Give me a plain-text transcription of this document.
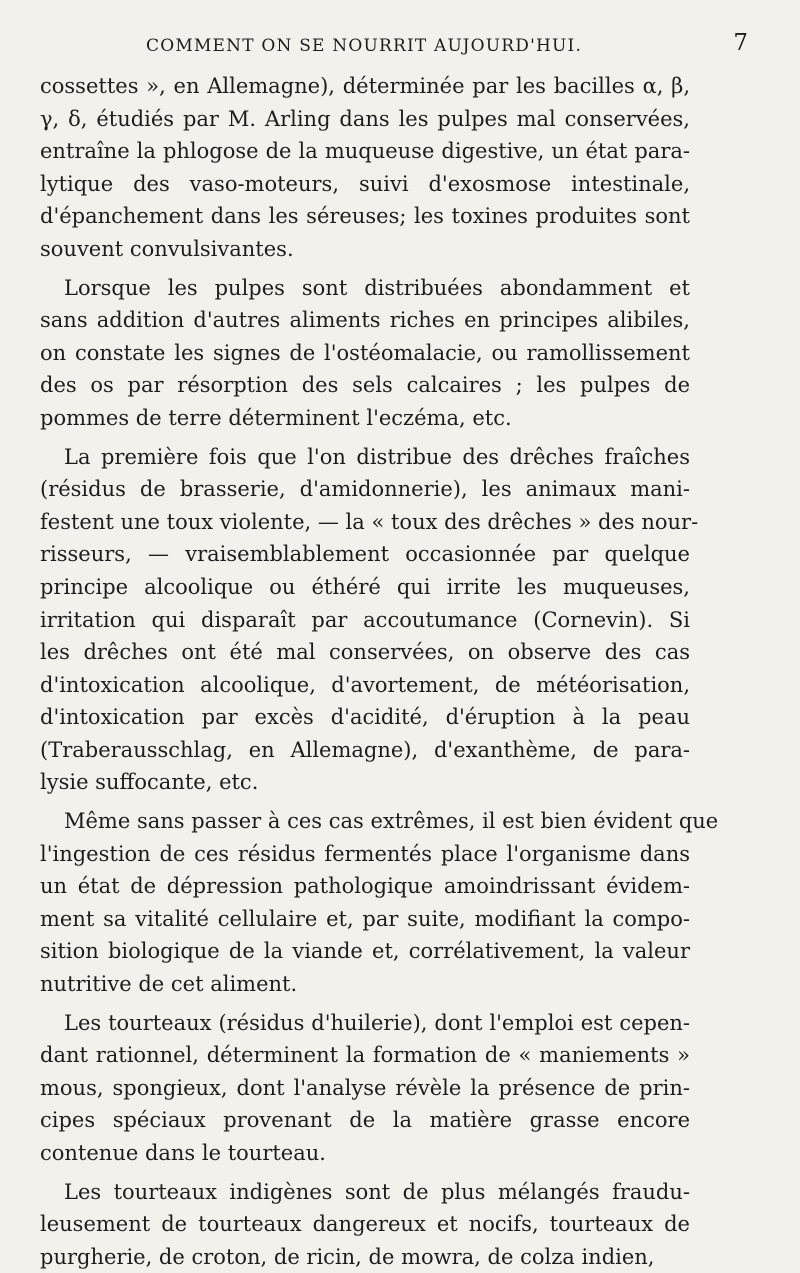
COMMENT ON SE NOURRIT AUJOURD'HUI.	7
cossettes », en Allemagne), déterminée par les bacilles α, β,
γ, δ, étudiés par M. Arling dans les pulpes mal conservées,
entraîne la phlogose de la muqueuse digestive, un état para-
lytique des vaso-moteurs, suivi d'exosmose intestinale,
d'épanchement dans les séreuses; les toxines produites sont
souvent convulsivantes.
Lorsque les pulpes sont distribuées abondamment et
sans addition d'autres aliments riches en principes alibiles,
on constate les signes de l'ostéomalacie, ou ramollissement
des os par résorption des sels calcaires ; les pulpes de
pommes de terre déterminent l'eczéma, etc.
La première fois que l'on distribue des drêches fraîches
(résidus de brasserie, d'amidonnerie), les animaux mani-
festent une toux violente, — la « toux des drêches » des nour-
risseurs, — vraisemblablement occasionnée par quelque
principe alcoolique ou éthéré qui irrite les muqueuses,
irritation qui disparaît par accoutumance (Cornevin). Si
les drêches ont été mal conservées, on observe des cas
d'intoxication alcoolique, d'avortement, de météorisation,
d'intoxication par excès d'acidité, d'éruption à la peau
(Traberausschlag, en Allemagne), d'exanthème, de para-
lysie suffocante, etc.
Même sans passer à ces cas extrêmes, il est bien évident que
l'ingestion de ces résidus fermentés place l'organisme dans
un état de dépression pathologique amoindrissant évidem-
ment sa vitalité cellulaire et, par suite, modifiant la compo-
sition biologique de la viande et, corrélativement, la valeur
nutritive de cet aliment.
Les tourteaux (résidus d'huilerie), dont l'emploi est cepen-
dant rationnel, déterminent la formation de « maniements »
mous, spongieux, dont l'analyse révèle la présence de prin-
cipes spéciaux provenant de la matière grasse encore
contenue dans le tourteau.
Les tourteaux indigènes sont de plus mélangés fraudu-
leusement de tourteaux dangereux et nocifs, tourteaux de
purgherie, de croton, de ricin, de mowra, de colza indien,
